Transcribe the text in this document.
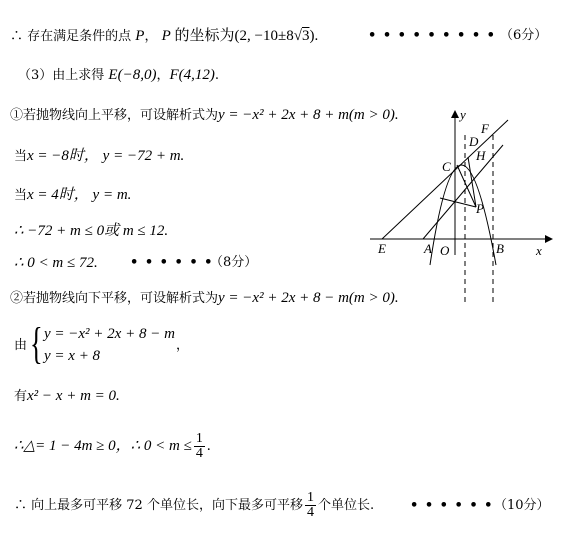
∴ 存在满足条件的点 P， P 的坐标为(2, −10±8√3).	• • • • • • • • • （6分）
（3）由上求得 E(−8,0)，F(4,12).
①若抛物线向上平移，可设解析式为y = −x² + 2x + 8 + m(m > 0).
当x = −8时， y = −72 + m.
当x = 4时， y = m.
∴ −72 + m ≤ 0或 m ≤ 12.
∴ 0 < m ≤ 72. • • • • • •
（8分）
②若抛物线向下平移，可设解析式为y = −x² + 2x + 8 − m(m > 0).
由 { y = −x² + 2x + 8 − m
y = x + 8
，
有x² − x + m = 0.
∴△= 1 − 4m ≥ 0，∴ $0 < m \le \frac{1}{4}$ .
∴ 向上最多可平移 72 个单位长，向下最多可平移 $\frac{1}{4}$ 个单位长.	• • • • • • （10分）
y
x
F
D
H
C
P
E	A O	B
